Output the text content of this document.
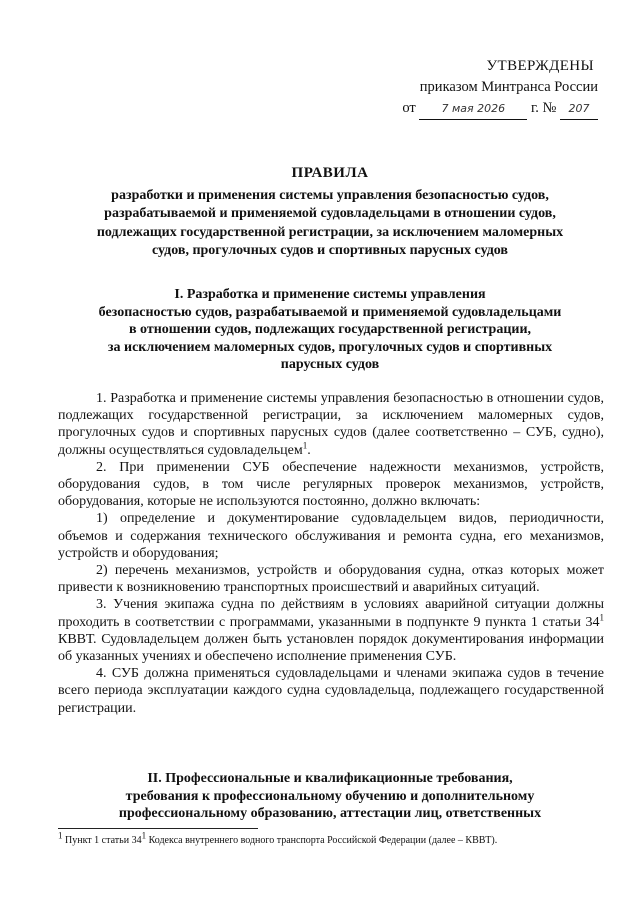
УТВЕРЖДЕНЫ
приказом Минтранса России
от 7 мая 2026 г. № 207
ПРАВИЛА
разработки и применения системы управления безопасностью судов,
разрабатываемой и применяемой судовладельцами в отношении судов,
подлежащих государственной регистрации, за исключением маломерных
судов, прогулочных судов и спортивных парусных судов
I. Разработка и применение системы управления
безопасностью судов, разрабатываемой и применяемой судовладельцами
в отношении судов, подлежащих государственной регистрации,
за исключением маломерных судов, прогулочных судов и спортивных
парусных судов

1. Разработка и применение системы управления безопасностью в отношении судов, подлежащих государственной регистрации, за исключением маломерных судов, прогулочных судов и спортивных парусных судов (далее соответственно – СУБ, судно), должны осуществляться судовладельцем$^1$.

2. При применении СУБ обеспечение надежности механизмов, устройств, оборудования судов, в том числе регулярных проверок механизмов, устройств, оборудования, которые не используются постоянно, должно включать:

1) определение и документирование судовладельцем видов, периодичности, объемов и содержания технического обслуживания и ремонта судна, его механизмов, устройств и оборудования;

2) перечень механизмов, устройств и оборудования судна, отказ которых может привести к возникновению транспортных происшествий и аварийных ситуаций.

3. Учения экипажа судна по действиям в условиях аварийной ситуации должны проходить в соответствии с программами, указанными в подпункте 9 пункта 1 статьи $34^1$ КВВТ. Судовладельцем должен быть установлен порядок документирования информации об указанных учениях и обеспечено исполнение применения СУБ.

4. СУБ должна применяться судовладельцами и членами экипажа судов в течение всего периода эксплуатации каждого судна судовладельца, подлежащего государственной регистрации.

II. Профессиональные и квалификационные требования,
требования к профессиональному обучению и дополнительному
профессиональному образованию, аттестации лиц, ответственных
$^1$ Пункт 1 статьи $34^1$ Кодекса внутреннего водного транспорта Российской Федерации (далее – КВВТ).
